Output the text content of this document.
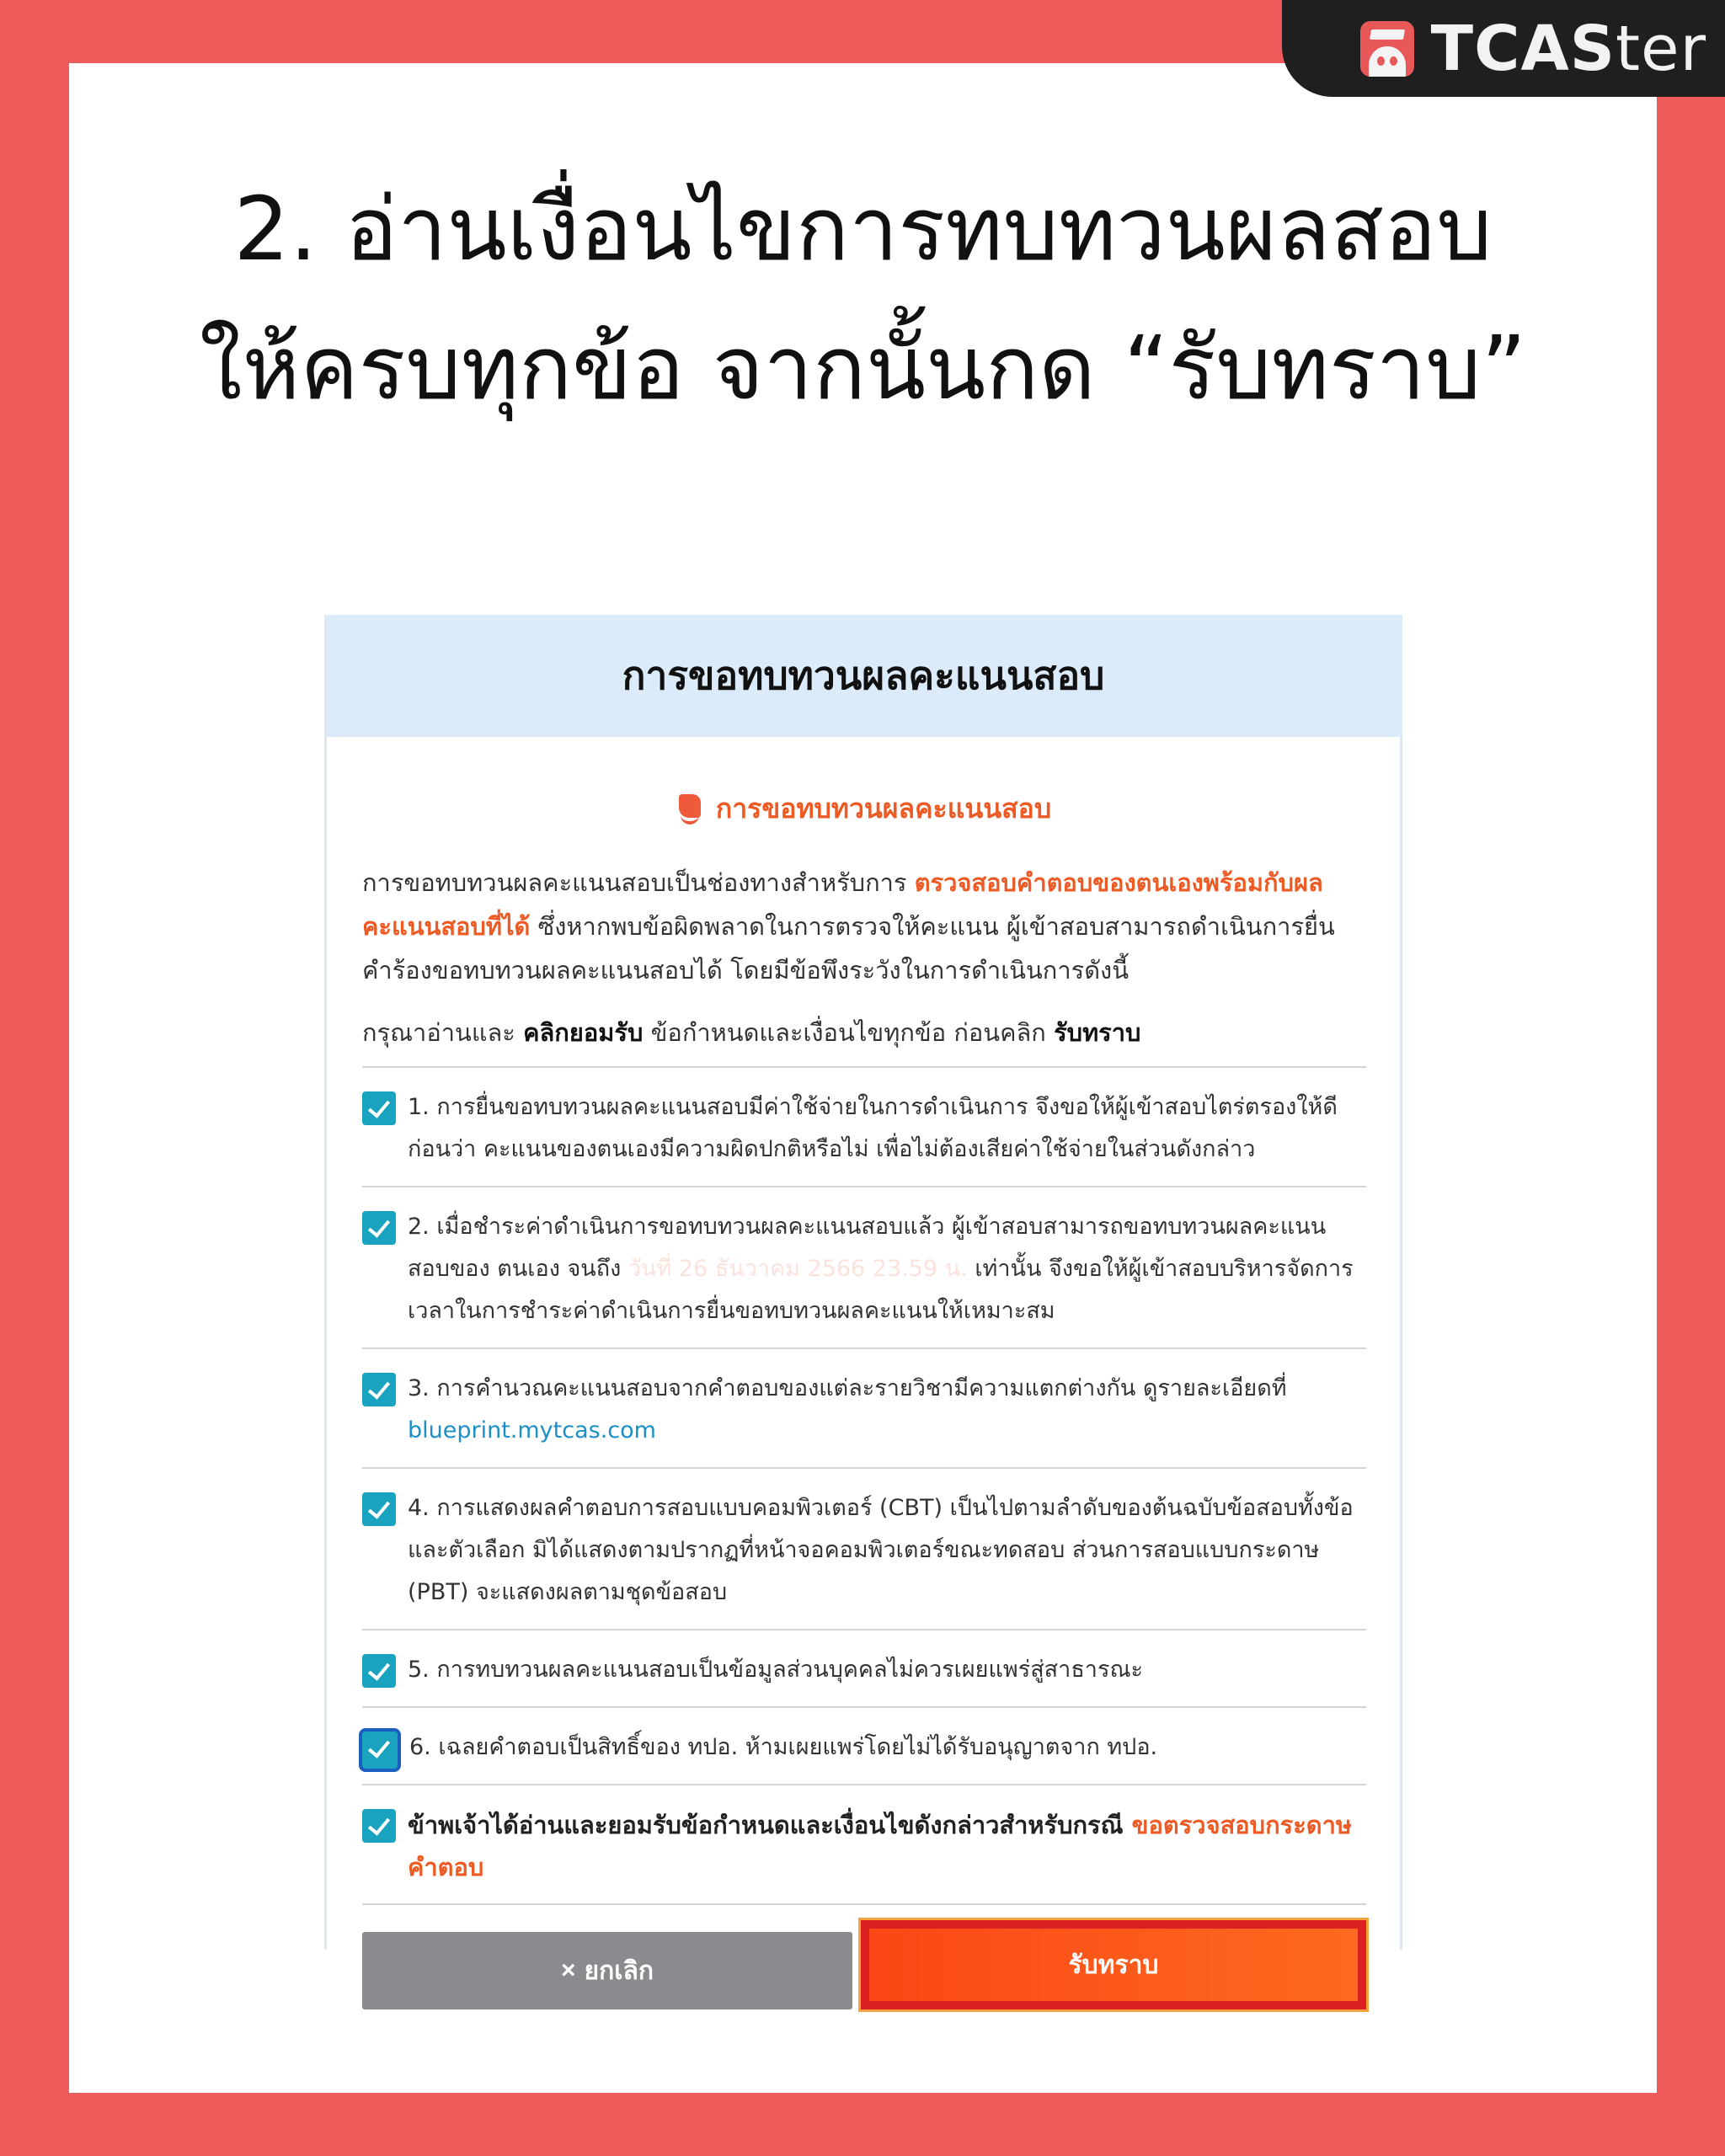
TCASter
2. อ่านเงื่อนไขการทบทวนผลสอบ
ให้ครบทุกข้อ จากนั้นกด “รับทราบ”
การขอทบทวนผลคะแนนสอบ
การขอทบทวนผลคะแนนสอบ
การขอทบทวนผลคะแนนสอบเป็นช่องทางสำหรับการ ตรวจสอบคำตอบของตนเองพร้อมกับผลคะแนนสอบที่ได้ ซึ่งหากพบข้อผิดพลาดในการตรวจให้คะแนน ผู้เข้าสอบสามารถดำเนินการยื่นคำร้องขอทบทวนผลคะแนนสอบได้ โดยมีข้อพึงระวังในการดำเนินการดังนี้
กรุณาอ่านและ คลิกยอมรับ ข้อกำหนดและเงื่อนไขทุกข้อ ก่อนคลิก รับทราบ
1. การยื่นขอทบทวนผลคะแนนสอบมีค่าใช้จ่ายในการดำเนินการ จึงขอให้ผู้เข้าสอบไตร่ตรองให้ดีก่อนว่า คะแนนของตนเองมีความผิดปกติหรือไม่ เพื่อไม่ต้องเสียค่าใช้จ่ายในส่วนดังกล่าว
2. เมื่อชำระค่าดำเนินการขอทบทวนผลคะแนนสอบแล้ว ผู้เข้าสอบสามารถขอทบทวนผลคะแนนสอบของ ตนเอง จนถึง วันที่ 26 ธันวาคม 2566 23.59 น. เท่านั้น จึงขอให้ผู้เข้าสอบบริหารจัดการเวลาในการชำระค่าดำเนินการยื่นขอทบทวนผลคะแนนให้เหมาะสม
3. การคำนวณคะแนนสอบจากคำตอบของแต่ละรายวิชามีความแตกต่างกัน ดูรายละเอียดที่
blueprint.mytcas.com
4. การแสดงผลคำตอบการสอบแบบคอมพิวเตอร์ (CBT) เป็นไปตามลำดับของต้นฉบับข้อสอบทั้งข้อและตัวเลือก มิได้แสดงตามปรากฏที่หน้าจอคอมพิวเตอร์ขณะทดสอบ ส่วนการสอบแบบกระดาษ (PBT) จะแสดงผลตามชุดข้อสอบ
5. การทบทวนผลคะแนนสอบเป็นข้อมูลส่วนบุคคลไม่ควรเผยแพร่สู่สาธารณะ
6. เฉลยคำตอบเป็นสิทธิ์ของ ทปอ. ห้ามเผยแพร่โดยไม่ได้รับอนุญาตจาก ทปอ.
ข้าพเจ้าได้อ่านและยอมรับข้อกำหนดและเงื่อนไขดังกล่าวสำหรับกรณี ขอตรวจสอบกระดาษคำตอบ
× ยกเลิก	รับทราบ
